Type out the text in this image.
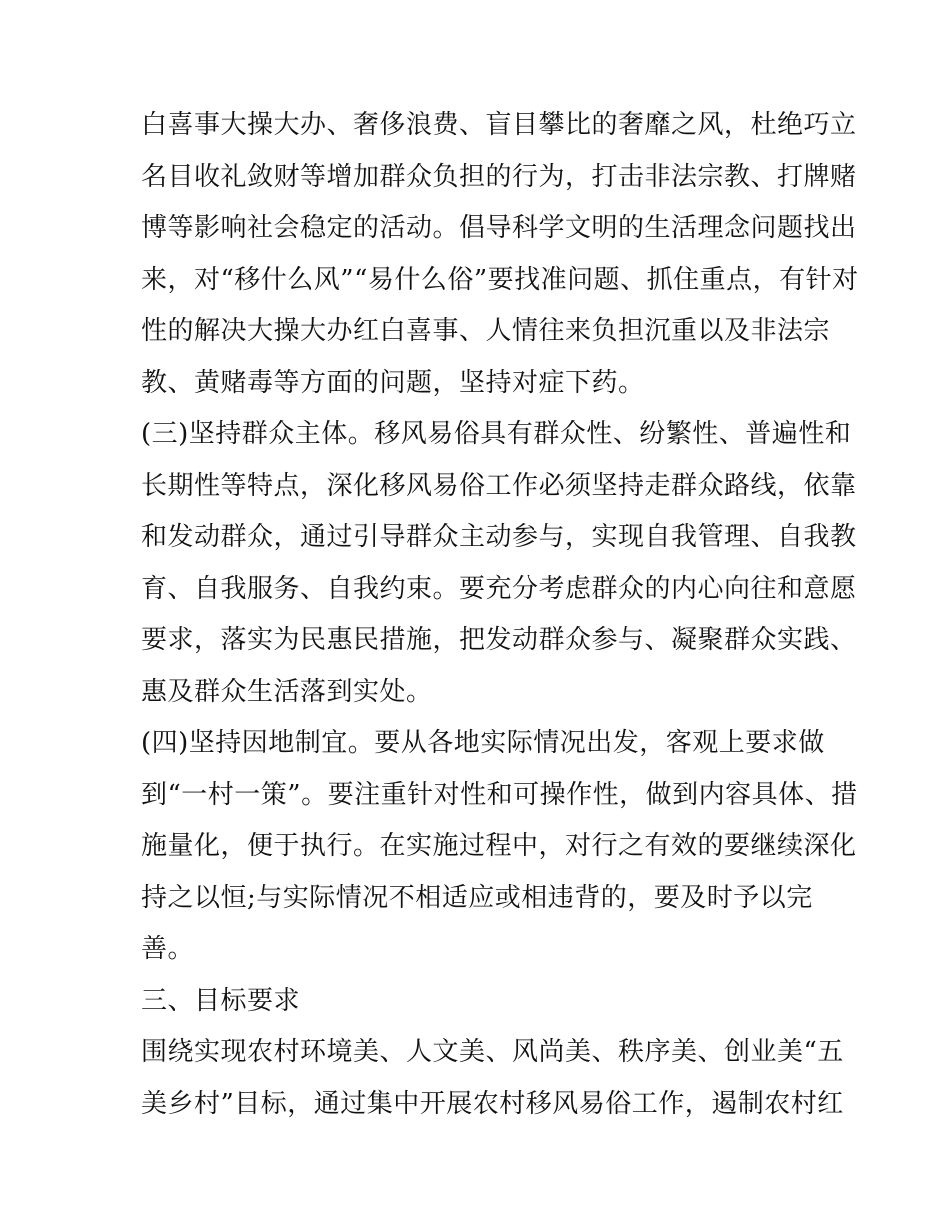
白喜事大操大办、奢侈浪费、盲目攀比的奢靡之风，杜绝巧立
名目收礼敛财等增加群众负担的行为，打击非法宗教、打牌赌
博等影响社会稳定的活动。倡导科学文明的生活理念问题找出
来，对“移什么风”“易什么俗”要找准问题、抓住重点，有针对
性的解决大操大办红白喜事、人情往来负担沉重以及非法宗
教、黄赌毒等方面的问题，坚持对症下药。
(三)坚持群众主体。移风易俗具有群众性、纷繁性、普遍性和
长期性等特点，深化移风易俗工作必须坚持走群众路线，依靠
和发动群众，通过引导群众主动参与，实现自我管理、自我教
育、自我服务、自我约束。要充分考虑群众的内心向往和意愿
要求，落实为民惠民措施，把发动群众参与、凝聚群众实践、
惠及群众生活落到实处。
(四)坚持因地制宜。要从各地实际情况出发，客观上要求做
到“一村一策”。要注重针对性和可操作性，做到内容具体、措
施量化，便于执行。在实施过程中，对行之有效的要继续深化
持之以恒;与实际情况不相适应或相违背的，要及时予以完
善。
三、目标要求
围绕实现农村环境美、人文美、风尚美、秩序美、创业美“五
美乡村”目标，通过集中开展农村移风易俗工作，遏制农村红
